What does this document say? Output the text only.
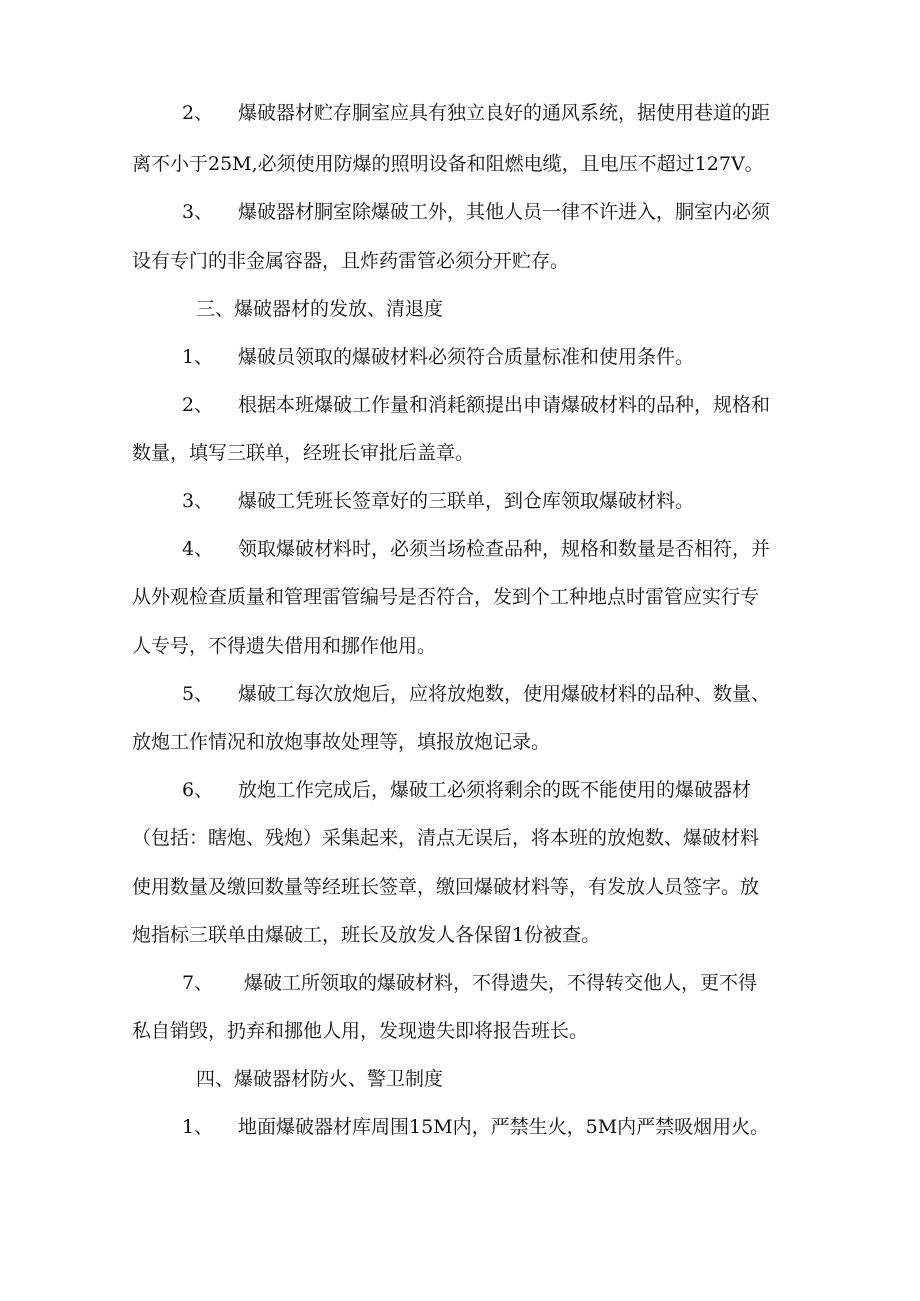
2、 爆破器材贮存胴室应具有独立良好的通风系统，据使用巷道的距
离不小于25M,必须使用防爆的照明设备和阻燃电缆，且电压不超过127V。
3、 爆破器材胴室除爆破工外，其他人员一律不许进入，胴室内必须
设有专门的非金属容器，且炸药雷管必须分开贮存。
三、爆破器材的发放、清退度
1、 爆破员领取的爆破材料必须符合质量标准和使用条件。
2、 根据本班爆破工作量和消耗额提出申请爆破材料的品种，规格和
数量，填写三联单，经班长审批后盖章。
3、 爆破工凭班长签章好的三联单，到仓库领取爆破材料。
4、 领取爆破材料时，必须当场检查品种，规格和数量是否相符，并
从外观检查质量和管理雷管编号是否符合，发到个工种地点时雷管应实行专
人专号，不得遗失借用和挪作他用。
5、 爆破工每次放炮后，应将放炮数，使用爆破材料的品种、数量、
放炮工作情况和放炮事故处理等，填报放炮记录。
6、 放炮工作完成后，爆破工必须将剩余的既不能使用的爆破器材
（包括：瞎炮、残炮）采集起来，清点无误后，将本班的放炮数、爆破材料
使用数量及缴回数量等经班长签章，缴回爆破材料等，有发放人员签字。放
炮指标三联单由爆破工，班长及放发人各保留1份被查。
7、 爆破工所领取的爆破材料，不得遗失，不得转交他人，更不得
私自销毁，扔弃和挪他人用，发现遗失即将报告班长。
四、爆破器材防火、警卫制度
1、 地面爆破器材库周围15M内，严禁生火，5M内严禁吸烟用火。
